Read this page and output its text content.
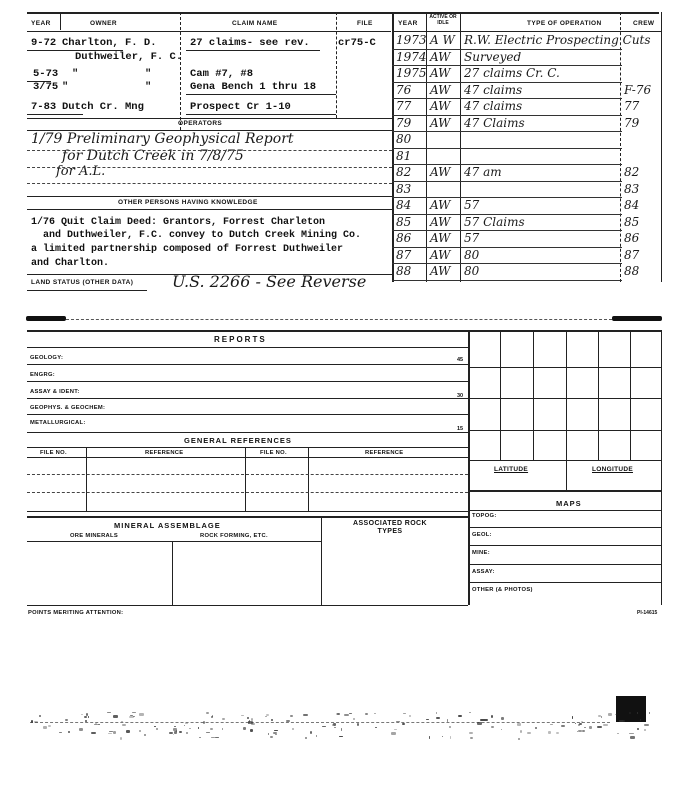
YEAR	OWNER	CLAIM NAME	FILE
9-72 Charlton, F. D.	27 claims- see rev.	cr75-C
Duthweiler, F. C.
5-73 "	"	Cam #7, #8
3/75 "	"	Gena Bench 1 thru 18
7-83 Dutch Cr. Mng	Prospect Cr 1-10
OPERATORS
1/79 Preliminary Geophysical Report
for Dutch Creek in 7/8/75
for A.L.
OTHER PERSONS HAVING KNOWLEDGE
1/76 Quit Claim Deed: Grantors, Forrest Charleton
and Duthweiler, F.C. convey to Dutch Creek Mining Co.
a limited partnership composed of Forrest Duthweiler
and Charlton.
LAND STATUS (OTHER DATA) U.S. 2266 - See Reverse
YEAR
ACTIVE OR IDLE	TYPE OF OPERATION	CREW
1973 A W R.W. Electric Prospecting Cuts
1974 AW Surveyed
1975 AW 27 claims Cr. C.
76 AW 47 claims	F-76
77 AW 47 claims	77
79 AW 47 Claims	79
80
81
82 AW 47 am	82
83	83
84 AW 57	84
85 AW 57 Claims	85
86 AW 57	86
87 AW 80	87
88 AW 80	88
REPORTS
GEOLOGY:	45
ENGRG:
ASSAY & IDENT:
30
GEOPHYS. & GEOCHEM:
METALLURGICAL:
15
GENERAL REFERENCES
FILE NO.	REFERENCE	FILE NO.	REFERENCE
MINERAL ASSEMBLAGE
ORE MINERALS	ROCK FORMING, ETC.
ASSOCIATED ROCK TYPES
LATITUDE	LONGITUDE
MAPS
TOPOG:
GEOL:
MINE:
ASSAY:
OTHER (& PHOTOS)
POINTS MERITING ATTENTION:	PI-14615
